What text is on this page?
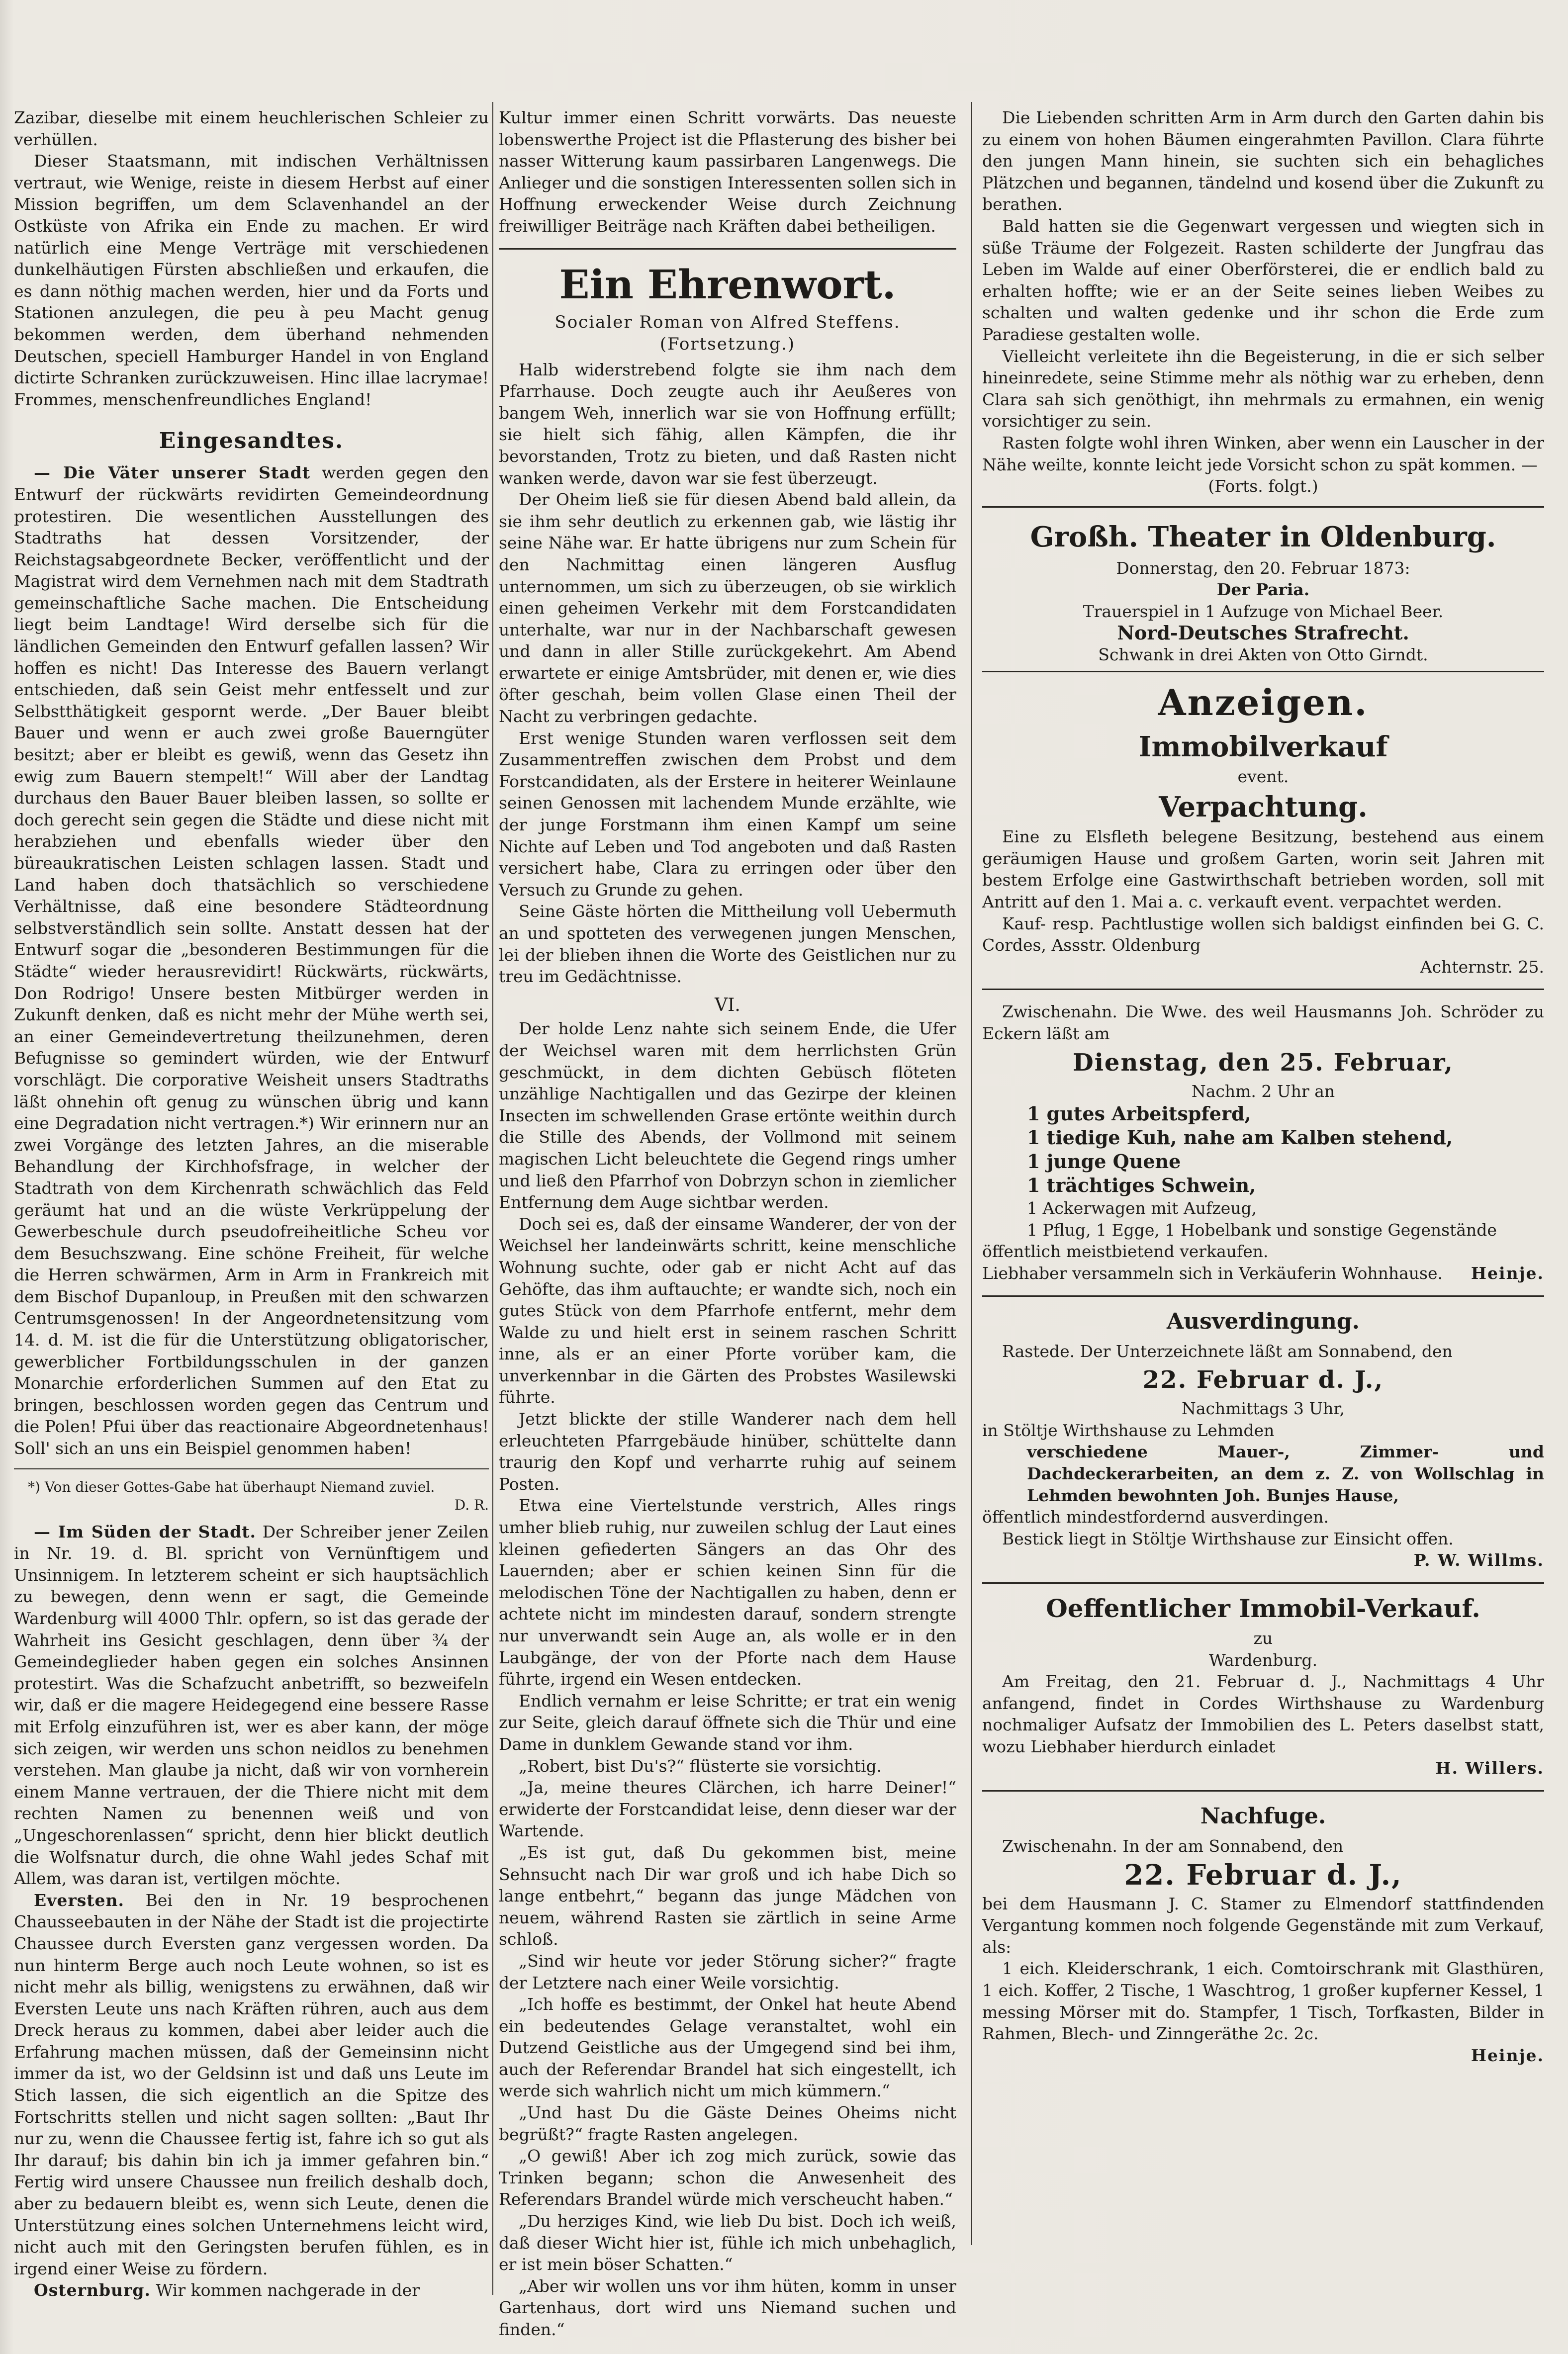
Zazibar, dieselbe mit einem heuchlerischen Schleier zu verhüllen.

Dieser Staatsmann, mit indischen Verhältnissen vertraut, wie Wenige, reiste in diesem Herbst auf einer Mission begriffen, um dem Sclavenhandel an der Ostküste von Afrika ein Ende zu machen. Er wird natürlich eine Menge Verträge mit verschiedenen dunkelhäutigen Fürsten abschließen und erkaufen, die es dann nöthig machen werden, hier und da Forts und Stationen anzulegen, die peu à peu Macht genug bekommen werden, dem überhand nehmenden Deutschen, speciell Hamburger Handel in von England dictirte Schranken zurückzuweisen. Hinc illae lacrymae! Frommes, menschenfreundliches England!

Eingesandtes.

— Die Väter unserer Stadt werden gegen den Entwurf der rückwärts revidirten Gemeindeordnung protestiren. Die wesentlichen Ausstellungen des Stadtraths hat dessen Vorsitzender, der Reichstagsabgeordnete Becker, veröffentlicht und der Magistrat wird dem Vernehmen nach mit dem Stadtrath gemeinschaftliche Sache machen. Die Entscheidung liegt beim Landtage! Wird derselbe sich für die ländlichen Gemeinden den Entwurf gefallen lassen? Wir hoffen es nicht! Das Interesse des Bauern verlangt entschieden, daß sein Geist mehr entfesselt und zur Selbstthätigkeit gespornt werde. „Der Bauer bleibt Bauer und wenn er auch zwei große Bauerngüter besitzt; aber er bleibt es gewiß, wenn das Gesetz ihn ewig zum Bauern stempelt!“ Will aber der Landtag durchaus den Bauer Bauer bleiben lassen, so sollte er doch gerecht sein gegen die Städte und diese nicht mit herabziehen und ebenfalls wieder über den büreaukratischen Leisten schlagen lassen. Stadt und Land haben doch thatsächlich so verschiedene Verhältnisse, daß eine besondere Städteordnung selbstverständlich sein sollte. Anstatt dessen hat der Entwurf sogar die „besonderen Bestimmungen für die Städte“ wieder herausrevidirt! Rückwärts, rückwärts, Don Rodrigo! Unsere besten Mitbürger werden in Zukunft denken, daß es nicht mehr der Mühe werth sei, an einer Gemeindevertretung theilzunehmen, deren Befugnisse so gemindert würden, wie der Entwurf vorschlägt. Die corporative Weisheit unsers Stadtraths läßt ohnehin oft genug zu wünschen übrig und kann eine Degradation nicht vertragen.*) Wir erinnern nur an zwei Vorgänge des letzten Jahres, an die miserable Behandlung der Kirchhofsfrage, in welcher der Stadtrath von dem Kirchenrath schwächlich das Feld geräumt hat und an die wüste Verkrüppelung der Gewerbeschule durch pseudofreiheitliche Scheu vor dem Besuchszwang. Eine schöne Freiheit, für welche die Herren schwärmen, Arm in Arm in Frankreich mit dem Bischof Dupanloup, in Preußen mit den schwarzen Centrumsgenossen! In der Angeordnetensitzung vom 14. d. M. ist die für die Unterstützung obligatorischer, gewerblicher Fortbildungsschulen in der ganzen Monarchie erforderlichen Summen auf den Etat zu bringen, beschlossen worden gegen das Centrum und die Polen! Pfui über das reactionaire Abgeordnetenhaus! Soll' sich an uns ein Beispiel genommen haben!

*) Von dieser Gottes-Gabe hat überhaupt Niemand zuviel.

D. R.

— Im Süden der Stadt. Der Schreiber jener Zeilen in Nr. 19. d. Bl. spricht von Vernünftigem und Unsinnigem. In letzterem scheint er sich hauptsächlich zu bewegen, denn wenn er sagt, die Gemeinde Wardenburg will 4000 Thlr. opfern, so ist das gerade der Wahrheit ins Gesicht geschlagen, denn über ¾ der Gemeindeglieder haben gegen ein solches Ansinnen protestirt. Was die Schafzucht anbetrifft, so bezweifeln wir, daß er die magere Heidegegend eine bessere Rasse mit Erfolg einzuführen ist, wer es aber kann, der möge sich zeigen, wir werden uns schon neidlos zu benehmen verstehen. Man glaube ja nicht, daß wir von vornherein einem Manne vertrauen, der die Thiere nicht mit dem rechten Namen zu benennen weiß und von „Ungeschorenlassen“ spricht, denn hier blickt deutlich die Wolfsnatur durch, die ohne Wahl jedes Schaf mit Allem, was daran ist, vertilgen möchte.

Eversten. Bei den in Nr. 19 besprochenen Chausseebauten in der Nähe der Stadt ist die projectirte Chaussee durch Eversten ganz vergessen worden. Da nun hinterm Berge auch noch Leute wohnen, so ist es nicht mehr als billig, wenigstens zu erwähnen, daß wir Eversten Leute uns nach Kräften rühren, auch aus dem Dreck heraus zu kommen, dabei aber leider auch die Erfahrung machen müssen, daß der Gemeinsinn nicht immer da ist, wo der Geldsinn ist und daß uns Leute im Stich lassen, die sich eigentlich an die Spitze des Fortschritts stellen und nicht sagen sollten: „Baut Ihr nur zu, wenn die Chaussee fertig ist, fahre ich so gut als Ihr darauf; bis dahin bin ich ja immer gefahren bin.“ Fertig wird unsere Chaussee nun freilich deshalb doch, aber zu bedauern bleibt es, wenn sich Leute, denen die Unterstützung eines solchen Unternehmens leicht wird, nicht auch mit den Geringsten berufen fühlen, es in irgend einer Weise zu fördern.

Osternburg. Wir kommen nachgerade in der

Kultur immer einen Schritt vorwärts. Das neueste lobenswerthe Project ist die Pflasterung des bisher bei nasser Witterung kaum passirbaren Langenwegs. Die Anlieger und die sonstigen Interessenten sollen sich in Hoffnung erweckender Weise durch Zeichnung freiwilliger Beiträge nach Kräften dabei betheiligen.

Ein Ehrenwort.
Socialer Roman von Alfred Steffens.
(Fortsetzung.)

Halb widerstrebend folgte sie ihm nach dem Pfarrhause. Doch zeugte auch ihr Aeußeres von bangem Weh, innerlich war sie von Hoffnung erfüllt; sie hielt sich fähig, allen Kämpfen, die ihr bevorstanden, Trotz zu bieten, und daß Rasten nicht wanken werde, davon war sie fest überzeugt.

Der Oheim ließ sie für diesen Abend bald allein, da sie ihm sehr deutlich zu erkennen gab, wie lästig ihr seine Nähe war. Er hatte übrigens nur zum Schein für den Nachmittag einen längeren Ausflug unternommen, um sich zu überzeugen, ob sie wirklich einen geheimen Verkehr mit dem Forstcandidaten unterhalte, war nur in der Nachbarschaft gewesen und dann in aller Stille zurückgekehrt. Am Abend erwartete er einige Amtsbrüder, mit denen er, wie dies öfter geschah, beim vollen Glase einen Theil der Nacht zu verbringen gedachte.

Erst wenige Stunden waren verflossen seit dem Zusammentreffen zwischen dem Probst und dem Forstcandidaten, als der Erstere in heiterer Weinlaune seinen Genossen mit lachendem Munde erzählte, wie der junge Forstmann ihm einen Kampf um seine Nichte auf Leben und Tod angeboten und daß Rasten versichert habe, Clara zu erringen oder über den Versuch zu Grunde zu gehen.

Seine Gäste hörten die Mittheilung voll Uebermuth an und spotteten des verwegenen jungen Menschen, lei der blieben ihnen die Worte des Geistlichen nur zu treu im Gedächtnisse.

VI.

Der holde Lenz nahte sich seinem Ende, die Ufer der Weichsel waren mit dem herrlichsten Grün geschmückt, in dem dichten Gebüsch flöteten unzählige Nachtigallen und das Gezirpe der kleinen Insecten im schwellenden Grase ertönte weithin durch die Stille des Abends, der Vollmond mit seinem magischen Licht beleuchtete die Gegend rings umher und ließ den Pfarrhof von Dobrzyn schon in ziemlicher Entfernung dem Auge sichtbar werden.

Doch sei es, daß der einsame Wanderer, der von der Weichsel her landeinwärts schritt, keine menschliche Wohnung suchte, oder gab er nicht Acht auf das Gehöfte, das ihm auftauchte; er wandte sich, noch ein gutes Stück von dem Pfarrhofe entfernt, mehr dem Walde zu und hielt erst in seinem raschen Schritt inne, als er an einer Pforte vorüber kam, die unverkennbar in die Gärten des Probstes Wasilewski führte.

Jetzt blickte der stille Wanderer nach dem hell erleuchteten Pfarrgebäude hinüber, schüttelte dann traurig den Kopf und verharrte ruhig auf seinem Posten.

Etwa eine Viertelstunde verstrich, Alles rings umher blieb ruhig, nur zuweilen schlug der Laut eines kleinen gefiederten Sängers an das Ohr des Lauernden; aber er schien keinen Sinn für die melodischen Töne der Nachtigallen zu haben, denn er achtete nicht im mindesten darauf, sondern strengte nur unverwandt sein Auge an, als wolle er in den Laubgänge, der von der Pforte nach dem Hause führte, irgend ein Wesen entdecken.

Endlich vernahm er leise Schritte; er trat ein wenig zur Seite, gleich darauf öffnete sich die Thür und eine Dame in dunklem Gewande stand vor ihm.

„Robert, bist Du's?“ flüsterte sie vorsichtig.

„Ja, meine theures Clärchen, ich harre Deiner!“ erwiderte der Forstcandidat leise, denn dieser war der Wartende.

„Es ist gut, daß Du gekommen bist, meine Sehnsucht nach Dir war groß und ich habe Dich so lange entbehrt,“ begann das junge Mädchen von neuem, während Rasten sie zärtlich in seine Arme schloß.

„Sind wir heute vor jeder Störung sicher?“ fragte der Letztere nach einer Weile vorsichtig.

„Ich hoffe es bestimmt, der Onkel hat heute Abend ein bedeutendes Gelage veranstaltet, wohl ein Dutzend Geistliche aus der Umgegend sind bei ihm, auch der Referendar Brandel hat sich eingestellt, ich werde sich wahrlich nicht um mich kümmern.“

„Und hast Du die Gäste Deines Oheims nicht begrüßt?“ fragte Rasten angelegen.

„O gewiß! Aber ich zog mich zurück, sowie das Trinken begann; schon die Anwesenheit des Referendars Brandel würde mich verscheucht haben.“

„Du herziges Kind, wie lieb Du bist. Doch ich weiß, daß dieser Wicht hier ist, fühle ich mich unbehaglich, er ist mein böser Schatten.“

„Aber wir wollen uns vor ihm hüten, komm in unser Gartenhaus, dort wird uns Niemand suchen und finden.“

Die Liebenden schritten Arm in Arm durch den Garten dahin bis zu einem von hohen Bäumen eingerahmten Pavillon. Clara führte den jungen Mann hinein, sie suchten sich ein behagliches Plätzchen und begannen, tändelnd und kosend über die Zukunft zu berathen.

Bald hatten sie die Gegenwart vergessen und wiegten sich in süße Träume der Folgezeit. Rasten schilderte der Jungfrau das Leben im Walde auf einer Oberförsterei, die er endlich bald zu erhalten hoffte; wie er an der Seite seines lieben Weibes zu schalten und walten gedenke und ihr schon die Erde zum Paradiese gestalten wolle.

Vielleicht verleitete ihn die Begeisterung, in die er sich selber hineinredete, seine Stimme mehr als nöthig war zu erheben, denn Clara sah sich genöthigt, ihn mehrmals zu ermahnen, ein wenig vorsichtiger zu sein.

Rasten folgte wohl ihren Winken, aber wenn ein Lauscher in der Nähe weilte, konnte leicht jede Vorsicht schon zu spät kommen. —

(Forts. folgt.)
Großh. Theater in Oldenburg.
Donnerstag, den 20. Februar 1873:
Der Paria.
Trauerspiel in 1 Aufzuge von Michael Beer.
Nord-Deutsches Strafrecht.
Schwank in drei Akten von Otto Girndt.
Anzeigen.
Immobilverkauf
event.
Verpachtung.

Eine zu Elsfleth belegene Besitzung, bestehend aus einem geräumigen Hause und großem Garten, worin seit Jahren mit bestem Erfolge eine Gastwirthschaft betrieben worden, soll mit Antritt auf den 1. Mai a. c. verkauft event. verpachtet werden.

Kauf- resp. Pachtlustige wollen sich baldigst einfinden bei G. C. Cordes, Assstr. Oldenburg

Achternstr. 25.

Zwischenahn. Die Wwe. des weil Hausmanns Joh. Schröder zu Eckern läßt am

Dienstag, den 25. Februar,
Nachm. 2 Uhr an
1 gutes Arbeitspferd,
1 tiedige Kuh, nahe am Kalben stehend,
1 junge Quene
1 trächtiges Schwein,
1 Ackerwagen mit Aufzeug,
1 Pflug, 1 Egge, 1 Hobelbank und sonstige Gegenstände

öffentlich meistbietend verkaufen.

Liebhaber versammeln sich in Verkäuferin Wohnhause. Heinje.
Ausverdingung.

Rastede. Der Unterzeichnete läßt am Sonnabend, den

22. Februar d. J.,
Nachmittags 3 Uhr,

in Stöltje Wirthshause zu Lehmden

verschiedene Mauer-, Zimmer- und Dachdeckerarbeiten, an dem z. Z. von Wollschlag in Lehmden bewohnten Joh. Bunjes Hause,

öffentlich mindestfordernd ausverdingen.

Bestick liegt in Stöltje Wirthshause zur Einsicht offen.

P. W. Willms.
Oeffentlicher Immobil-Verkauf.
zu
Wardenburg.

Am Freitag, den 21. Februar d. J., Nachmittags 4 Uhr anfangend, findet in Cordes Wirthshause zu Wardenburg nochmaliger Aufsatz der Immobilien des L. Peters daselbst statt, wozu Liebhaber hierdurch einladet

H. Willers.
Nachfuge.

Zwischenahn. In der am Sonnabend, den

22. Februar d. J.,

bei dem Hausmann J. C. Stamer zu Elmendorf stattfindenden Vergantung kommen noch folgende Gegenstände mit zum Verkauf, als:

1 eich. Kleiderschrank, 1 eich. Comtoirschrank mit Glasthüren, 1 eich. Koffer, 2 Tische, 1 Waschtrog, 1 großer kupferner Kessel, 1 messing Mörser mit do. Stampfer, 1 Tisch, Torfkasten, Bilder in Rahmen, Blech- und Zinngeräthe 2c. 2c.

Heinje.
